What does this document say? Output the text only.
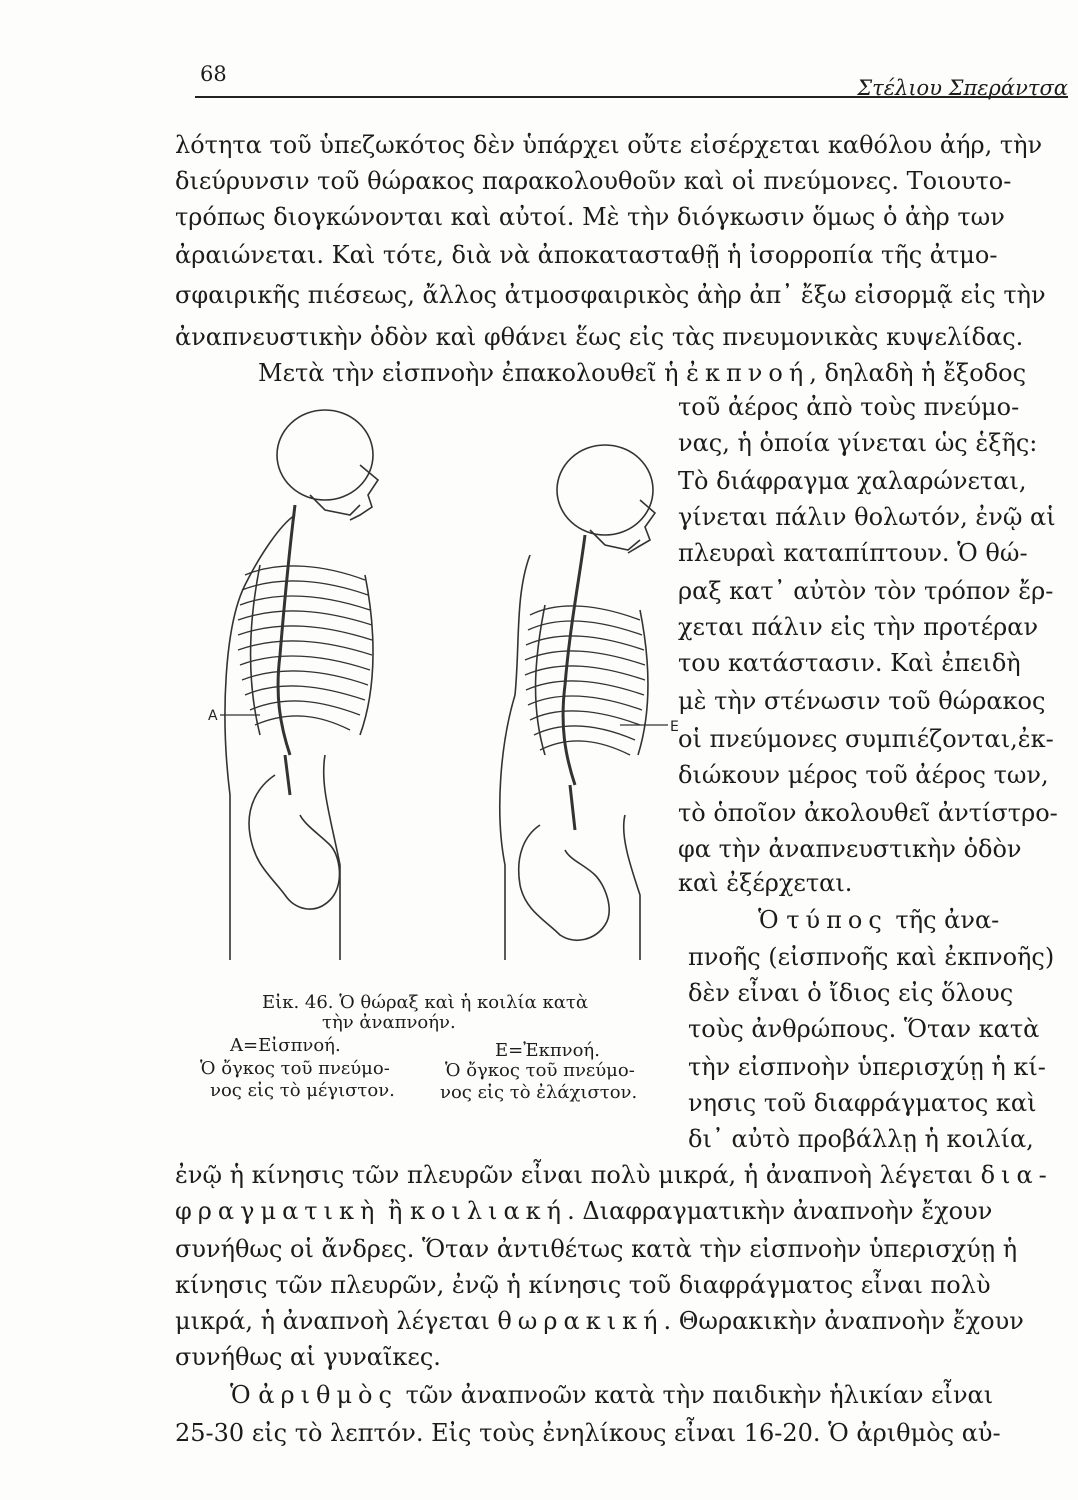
68
Στέλιου Σπεράντσα
λότητα τοῦ ὑπεζωκότος δὲν ὑπάρχει οὔτε εἰσέρχεται καθόλου ἀήρ, τὴν
διεύρυνσιν τοῦ θώρακος παρακολουθοῦν καὶ οἱ πνεύμονες. Τοιουτο-
τρόπως διογκώνονται καὶ αὐτοί. Μὲ τὴν διόγκωσιν ὅμως ὁ ἀὴρ των
ἀραιώνεται. Καὶ τότε, διὰ νὰ ἀποκατασταθῇ ἡ ἰσορροπία τῆς ἀτμο-
σφαιρικῆς πιέσεως, ἄλλος ἀτμοσφαιρικὸς ἀὴρ ἀπ᾽ ἔξω εἰσορμᾷ εἰς τὴν
ἀναπνευστικὴν ὁδὸν καὶ φθάνει ἕως εἰς τὰς πνευμονικὰς κυψελίδας.
Μετὰ τὴν εἰσπνοὴν ἐπακολουθεῖ ἡ ἐκπνοή, δηλαδὴ ἡ ἔξοδος
τοῦ ἀέρος ἀπὸ τοὺς πνεύμο-
νας, ἡ ὁποία γίνεται ὡς ἑξῆς:
Τὸ διάφραγμα χαλαρώνεται,
γίνεται πάλιν θολωτόν, ἐνῷ αἱ
πλευραὶ καταπίπτουν. Ὁ θώ-
ραξ κατ᾽ αὐτὸν τὸν τρόπον ἔρ-
χεται πάλιν εἰς τὴν προτέραν
του κατάστασιν. Καὶ ἐπειδὴ
μὲ τὴν στένωσιν τοῦ θώρακος
οἱ πνεύμονες συμπιέζονται,ἐκ-
διώκουν μέρος τοῦ ἀέρος των,
τὸ ὁποῖον ἀκολουθεῖ ἀντίστρο-
φα τὴν ἀναπνευστικὴν ὁδὸν
καὶ ἐξέρχεται.
Ὁ τύπος τῆς ἀνα-
πνοῆς (εἰσπνοῆς καὶ ἐκπνοῆς)
δὲν εἶναι ὁ ἴδιος εἰς ὅλους
τοὺς ἀνθρώπους. Ὅταν κατὰ
τὴν εἰσπνοὴν ὑπερισχύῃ ἡ κί-
νησις τοῦ διαφράγματος καὶ
δι᾽ αὐτὸ προβάλλῃ ἡ κοιλία,
ἐνῷ ἡ κίνησις τῶν πλευρῶν εἶναι πολὺ μικρά, ἡ ἀναπνοὴ λέγεται δια-
φραγματικὴ ἢ κοιλιακή. Διαφραγματικὴν ἀναπνοὴν ἔχουν
συνήθως οἱ ἄνδρες. Ὅταν ἀντιθέτως κατὰ τὴν εἰσπνοὴν ὑπερισχύῃ ἡ
κίνησις τῶν πλευρῶν, ἐνῷ ἡ κίνησις τοῦ διαφράγματος εἶναι πολὺ
μικρά, ἡ ἀναπνοὴ λέγεται θωρακική. Θωρακικὴν ἀναπνοὴν ἔχουν
συνήθως αἱ γυναῖκες.
Ὁ ἀριθμὸς τῶν ἀναπνοῶν κατὰ τὴν παιδικὴν ἡλικίαν εἶναι
25-30 εἰς τὸ λεπτόν. Εἰς τοὺς ἐνηλίκους εἶναι 16-20. Ὁ ἀριθμὸς αὐ-
A
E
Εἰκ. 46. Ὁ θώραξ καὶ ἡ κοιλία κατὰ
τὴν ἀναπνοήν.
A=Εἰσπνοή.	E=Ἐκπνοή.
Ὁ ὄγκος τοῦ πνεύμο-
νος εἰς τὸ μέγιστον.
Ὁ ὄγκος τοῦ πνεύμο-
νος εἰς τὸ ἐλάχιστον.
